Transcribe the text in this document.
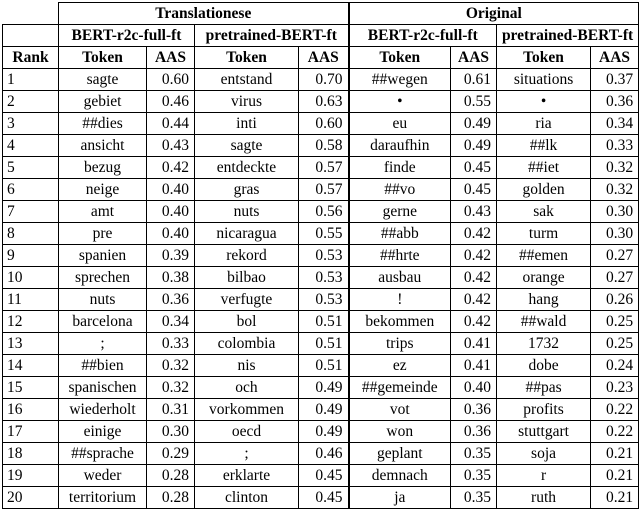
	Translationese				Original			
	BERT-r2c-full-ft		pretrained-BERT-ft		BERT-r2c-full-ft		pretrained-BERT-ft	
Rank	Token	AAS	Token	AAS	Token	AAS	Token	AAS
1	sagte	0.60	entstand	0.70	##wegen	0.61	situations	0.37
2	gebiet	0.46	virus	0.63	•	0.55	•	0.36
3	##dies	0.44	inti	0.60	eu	0.49	ria	0.34
4	ansicht	0.43	sagte	0.58	daraufhin	0.49	##lk	0.33
5	bezug	0.42	entdeckte	0.57	finde	0.45	##iet	0.32
6	neige	0.40	gras	0.57	##vo	0.45	golden	0.32
7	amt	0.40	nuts	0.56	gerne	0.43	sak	0.30
8	pre	0.40	nicaragua	0.55	##abb	0.42	turm	0.30
9	spanien	0.39	rekord	0.53	##hrte	0.42	##emen	0.27
10	sprechen	0.38	bilbao	0.53	ausbau	0.42	orange	0.27
11	nuts	0.36	verfugte	0.53	!	0.42	hang	0.26
12	barcelona	0.34	bol	0.51	bekommen	0.42	##wald	0.25
13	;	0.33	colombia	0.51	trips	0.41	1732	0.25
14	##bien	0.32	nis	0.51	ez	0.41	dobe	0.24
15	spanischen	0.32	och	0.49	##gemeinde	0.40	##pas	0.23
16	wiederholt	0.31	vorkommen	0.49	vot	0.36	profits	0.22
17	einige	0.30	oecd	0.49	won	0.36	stuttgart	0.22
18	##sprache	0.29	;	0.46	geplant	0.35	soja	0.21
19	weder	0.28	erklarte	0.45	demnach	0.35	r	0.21
20	territorium	0.28	clinton	0.45	ja	0.35	ruth	0.21
